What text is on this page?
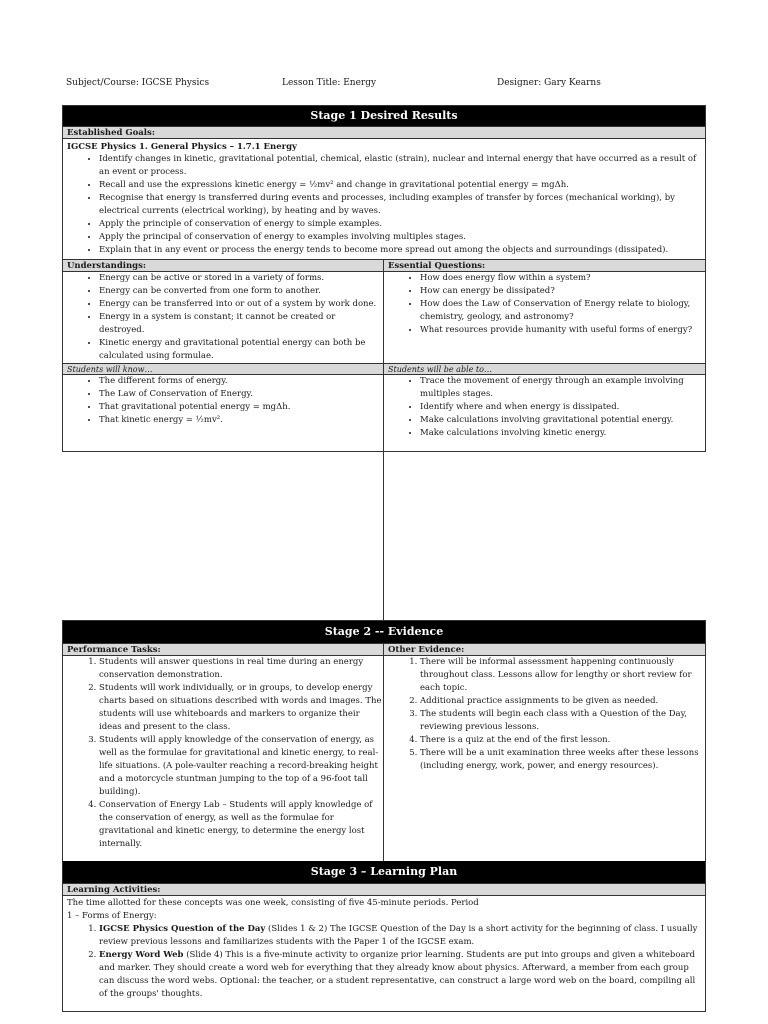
Subject/Course: IGCSE Physics	Lesson Title: Energy	Designer: Gary Kearns
Stage 1 Desired Results
Established Goals:
IGCSE Physics 1. General Physics – 1.7.1 Energy
• Identify changes in kinetic, gravitational potential, chemical, elastic (strain), nuclear and internal energy that have occurred as a result of an event or process.
• Recall and use the expressions kinetic energy = ½mv² and change in gravitational potential energy = mgΔh.
• Recognise that energy is transferred during events and processes, including examples of transfer by forces (mechanical working), by electrical currents (electrical working), by heating and by waves.
• Apply the principle of conservation of energy to simple examples.
• Apply the principal of conservation of energy to examples involving multiples stages.
• Explain that in any event or process the energy tends to become more spread out among the objects and surroundings (dissipated).
Understandings:
• Energy can be active or stored in a variety of forms.
• Energy can be converted from one form to another.
• Energy can be transferred into or out of a system by work done.
• Energy in a system is constant; it cannot be created or destroyed.
• Kinetic energy and gravitational potential energy can both be calculated using formulae.
Essential Questions:
• How does energy flow within a system?
• How can energy be dissipated?
• How does the Law of Conservation of Energy relate to biology, chemistry, geology, and astronomy?
• What resources provide humanity with useful forms of energy?
Students will know…
• The different forms of energy.
• The Law of Conservation of Energy.
• That gravitational potential energy = mgΔh.
• That kinetic energy = ½mv².
Students will be able to…
• Trace the movement of energy through an example involving multiples stages.
• Identify where and when energy is dissipated.
• Make calculations involving gravitational potential energy.
• Make calculations involving kinetic energy.
Stage 2 -- Evidence
Performance Tasks:
1. Students will answer questions in real time during an energy conservation demonstration.
2. Students will work individually, or in groups, to develop energy charts based on situations described with words and images. The students will use whiteboards and markers to organize their ideas and present to the class.
3. Students will apply knowledge of the conservation of energy, as well as the formulae for gravitational and kinetic energy, to real-life situations. (A pole-vaulter reaching a record-breaking height and a motorcycle stuntman jumping to the top of a 96-foot tall building).
4. Conservation of Energy Lab – Students will apply knowledge of the conservation of energy, as well as the formulae for gravitational and kinetic energy, to determine the energy lost internally.
Other Evidence:
1. There will be informal assessment happening continuously throughout class. Lessons allow for lengthy or short review for each topic.
2. Additional practice assignments to be given as needed.
3. The students will begin each class with a Question of the Day, reviewing previous lessons.
4. There is a quiz at the end of the first lesson.
5. There will be a unit examination three weeks after these lessons (including energy, work, power, and energy resources).
Stage 3 – Learning Plan
Learning Activities:
The time allotted for these concepts was one week, consisting of five 45-minute periods. Period
1 – Forms of Energy:
1. IGCSE Physics Question of the Day (Slides 1 & 2) The IGCSE Question of the Day is a short activity for the beginning of class. I usually review previous lessons and familiarizes students with the Paper 1 of the IGCSE exam.
2. Energy Word Web (Slide 4) This is a five-minute activity to organize prior learning. Students are put into groups and given a whiteboard and marker. They should create a word web for everything that they already know about physics. Afterward, a member from each group can discuss the word webs. Optional: the teacher, or a student representative, can construct a large word web on the board, compiling all of the groups' thoughts.
